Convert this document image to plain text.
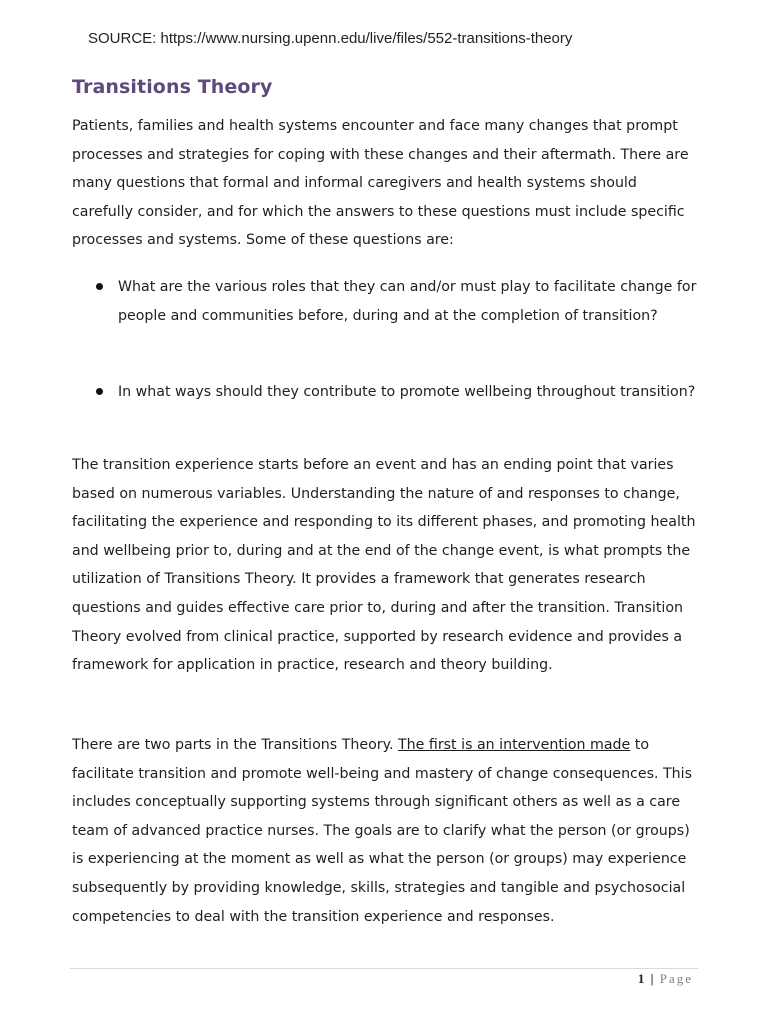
SOURCE: https://www.nursing.upenn.edu/live/files/552-transitions-theory
Transitions Theory

Patients, families and health systems encounter and face many changes that prompt processes and strategies for coping with these changes and their aftermath. There are many questions that formal and informal caregivers and health systems should carefully consider, and for which the answers to these questions must include specific processes and systems. Some of these questions are:

What are the various roles that they can and/or must play to facilitate change for people and communities before, during and at the completion of transition?
In what ways should they contribute to promote wellbeing throughout transition?

The transition experience starts before an event and has an ending point that varies based on numerous variables. Understanding the nature of and responses to change, facilitating the experience and responding to its different phases, and promoting health and wellbeing prior to, during and at the end of the change event, is what prompts the utilization of Transitions Theory. It provides a framework that generates research questions and guides effective care prior to, during and after the transition. Transition Theory evolved from clinical practice, supported by research evidence and provides a framework for application in practice, research and theory building.

There are two parts in the Transitions Theory. The first is an intervention made to facilitate transition and promote well-being and mastery of change consequences. This includes conceptually supporting systems through significant others as well as a care team of advanced practice nurses. The goals are to clarify what the person (or groups) is experiencing at the moment as well as what the person (or groups) may experience subsequently by providing knowledge, skills, strategies and tangible and psychosocial competencies to deal with the transition experience and responses.

1 | Page
